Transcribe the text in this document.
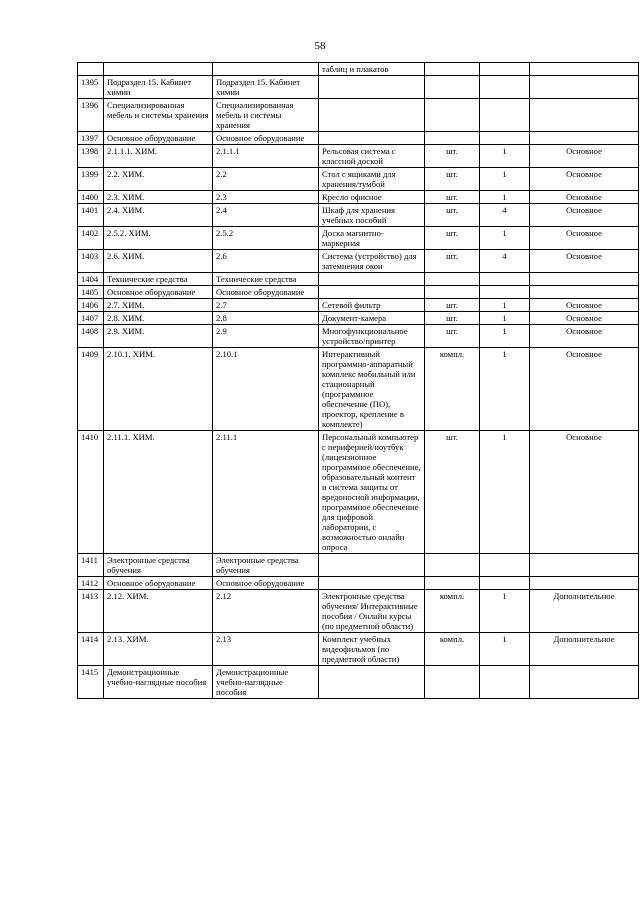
58
			таблиц и плакатов			
1395	Подраздел 15. Кабинет химии	Подраздел 15. Кабинет химии				
1396	Специализированная мебель и системы хранения	Специализированная мебель и системы хранения				
1397	Основное оборудование	Основное оборудование				
1398	2.1.1.1. ХИМ.	2.1.1.1	Рельсовая система с классной доской	шт.	1	Основное
1399	2.2. ХИМ.	2.2	Стол с ящиками для хранения/тумбой	шт.	1	Основное
1400	2.3. ХИМ.	2.3	Кресло офисное	шт.	1	Основное
1401	2.4. ХИМ.	2.4	Шкаф для хранения учебных пособий	шт.	4	Основное
1402	2.5.2. ХИМ.	2.5.2	Доска магнитно-маркерная	шт.	1	Основное
1403	2.6. ХИМ.	2.6	Система (устройство) для затемнения окон	шт.	4	Основное
1404	Технические средства	Технические средства				
1405	Основное оборудование	Основное оборудование				
1406	2.7. ХИМ.	2.7	Сетевой фильтр	шт.	1	Основное
1407	2.8. ХИМ.	2.8	Документ-камера	шт.	1	Основное
1408	2.9. ХИМ.	2.9	Многофункциональное устройство/принтер	шт.	1	Основное
1409	2.10.1. ХИМ.	2.10.1	Интерактивный программно-аппаратный комплекс мобильный или стационарный (программное обеспечение (ПО), проектор, крепление в комплекте)	компл.	1	Основное
1410	2.11.1. ХИМ.	2.11.1	Персональный компьютер с периферией/ноутбук (лицензионное программное обеспечение, образовательный контент и система защиты от вредоносной информации, программное обеспечение для цифровой лаборатории, с возможностью онлайн опроса	шт.	1	Основное
1411	Электронные средства обучения	Электронные средства обучения				
1412	Основное оборудование	Основное оборудование				
1413	2.12. ХИМ.	2.12	Электронные средства обучения/ Интерактивные пособия / Онлайн курсы (по предметной области)	компл.	1	Дополнительное
1414	2.13. ХИМ.	2.13	Комплект учебных видеофильмов (по предметной области)	компл.	1	Дополнительное
1415	Демонстрационные учебно-наглядные пособия	Демонстрационные учебно-наглядные пособия				
